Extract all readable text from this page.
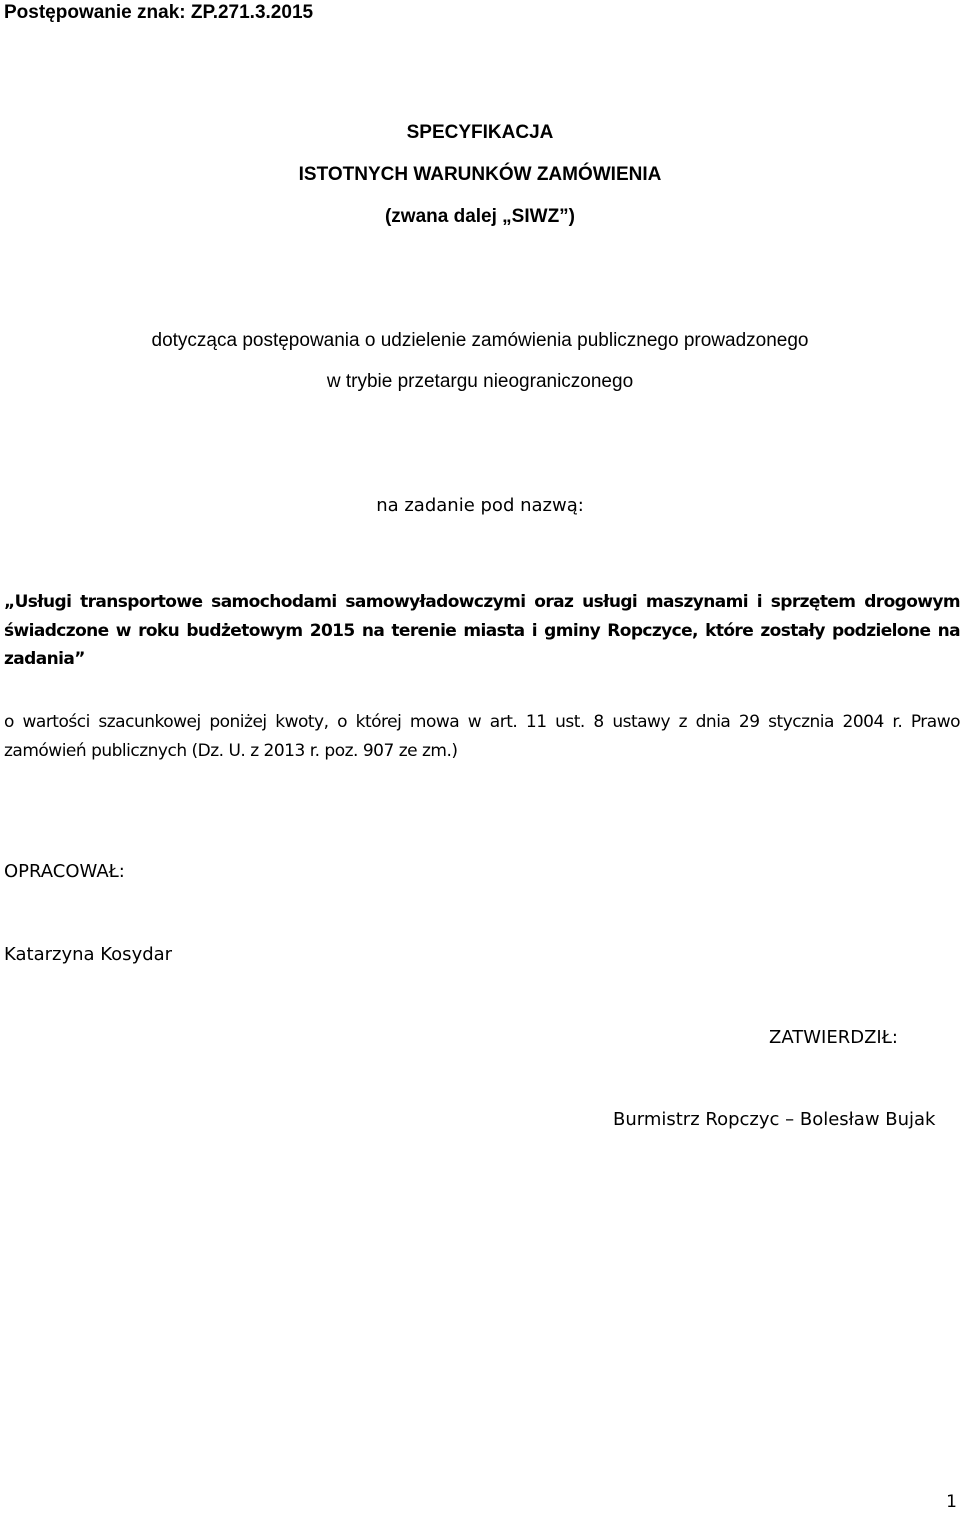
Postępowanie znak: ZP.271.3.2015

SPECYFIKACJA

ISTOTNYCH WARUNKÓW ZAMÓWIENIA

(zwana dalej „SIWZ”)

dotycząca postępowania o udzielenie zamówienia publicznego prowadzonego

w trybie przetargu nieograniczonego

na zadanie pod nazwą:

„Usługi transportowe samochodami samowyładowczymi oraz usługi maszynami i sprzętem drogowym świadczone w roku budżetowym 2015 na terenie miasta i gminy Ropczyce, które zostały podzielone na zadania”

o wartości szacunkowej poniżej kwoty, o której mowa w art. 11 ust. 8 ustawy z dnia 29 stycznia 2004 r. Prawo zamówień publicznych (Dz. U. z 2013 r. poz. 907 ze zm.)

OPRACOWAŁ:

Katarzyna Kosydar

ZATWIERDZIŁ:

Burmistrz Ropczyc – Bolesław Bujak

1
